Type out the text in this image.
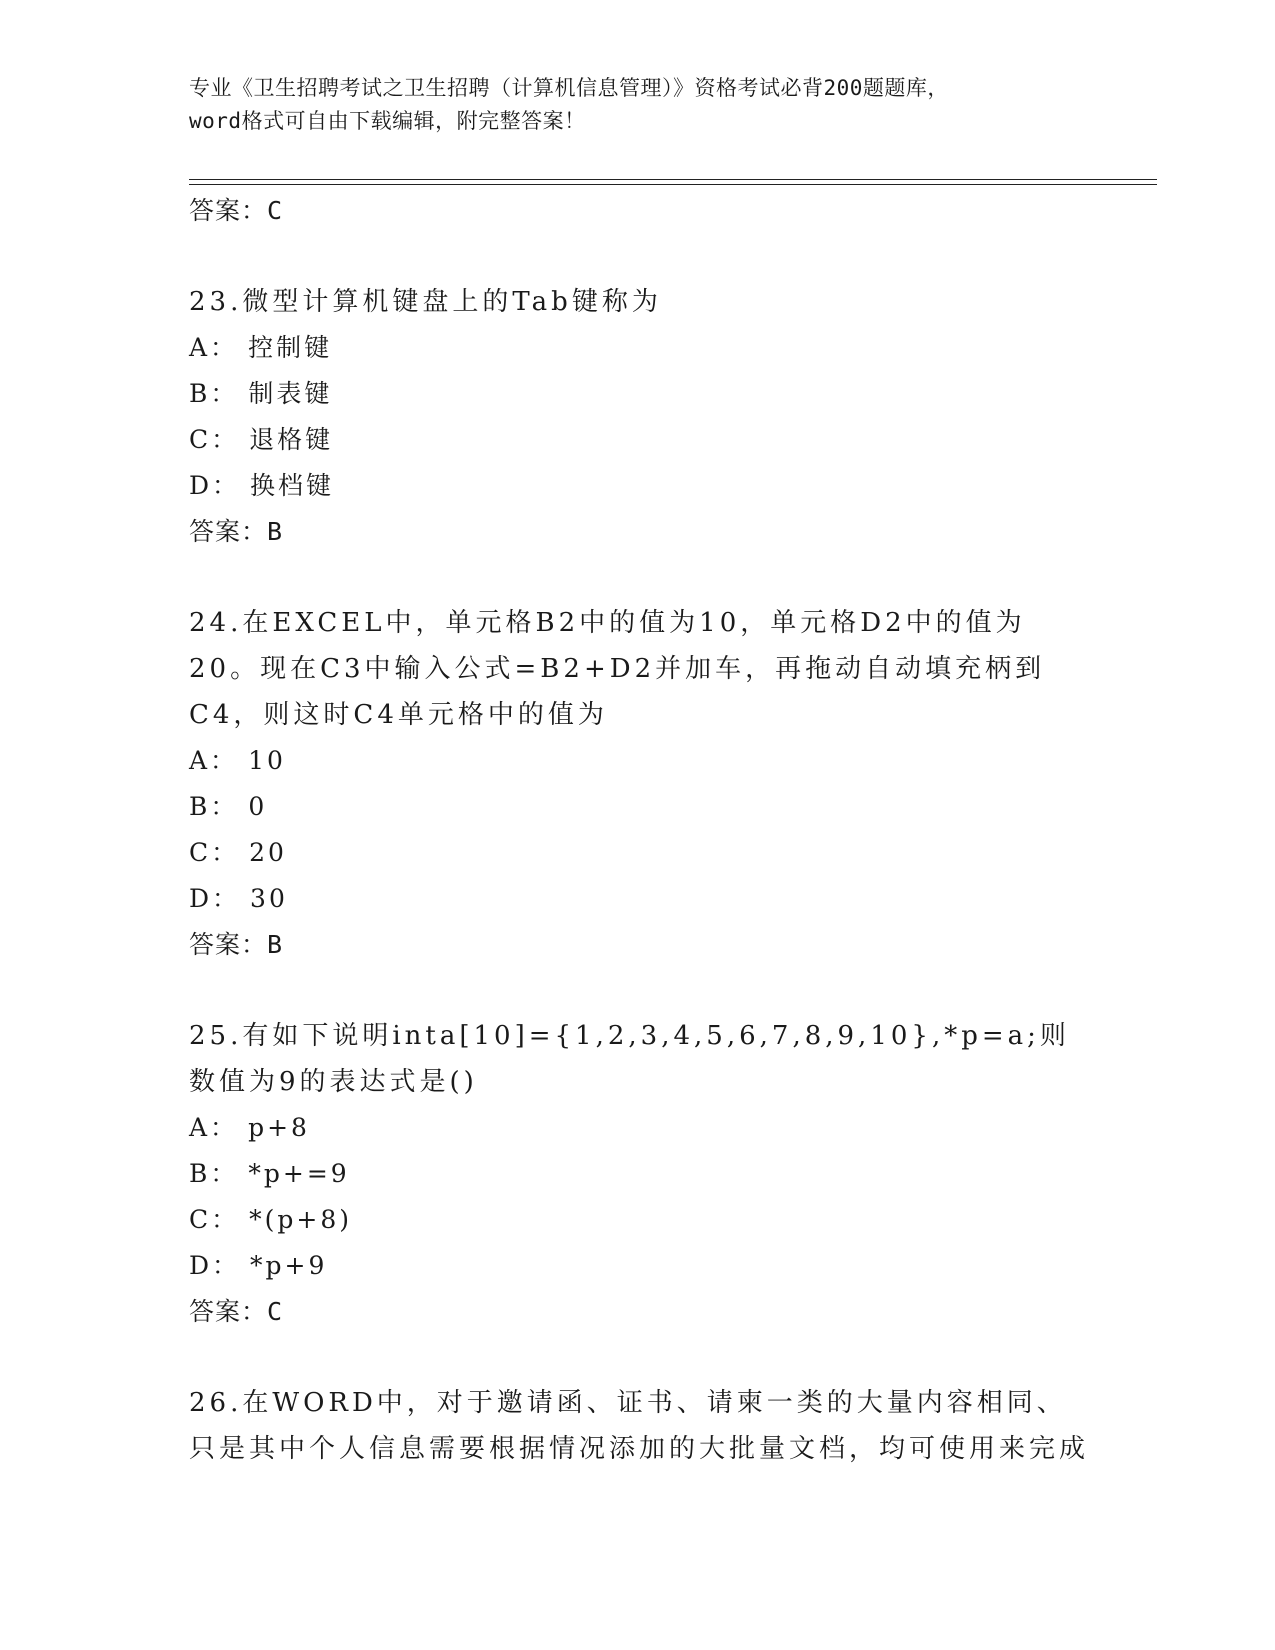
专业《卫生招聘考试之卫生招聘（计算机信息管理）》资格考试必背200题题库，
word格式可自由下载编辑，附完整答案！
答案：C

23.微型计算机键盘上的Tab键称为

A： 控制键
B： 制表键
C： 退格键
D： 换档键
答案：B

24.在EXCEL中，单元格B2中的值为10，单元格D2中的值为20。现在C3中输入公式=B2+D2并加车，再拖动自动填充柄到C4，则这时C4单元格中的值为

A： 10
B： 0
C： 20
D： 30
答案：B

25.有如下说明inta[10]={1,2,3,4,5,6,7,8,9,10},*p=a;则数值为9的表达式是()

A： p+8
B： *p+=9
C： *(p+8)
D： *p+9
答案：C

26.在WORD中，对于邀请函、证书、请柬一类的大量内容相同、只是其中个人信息需要根据情况添加的大批量文档，均可使用来完成
